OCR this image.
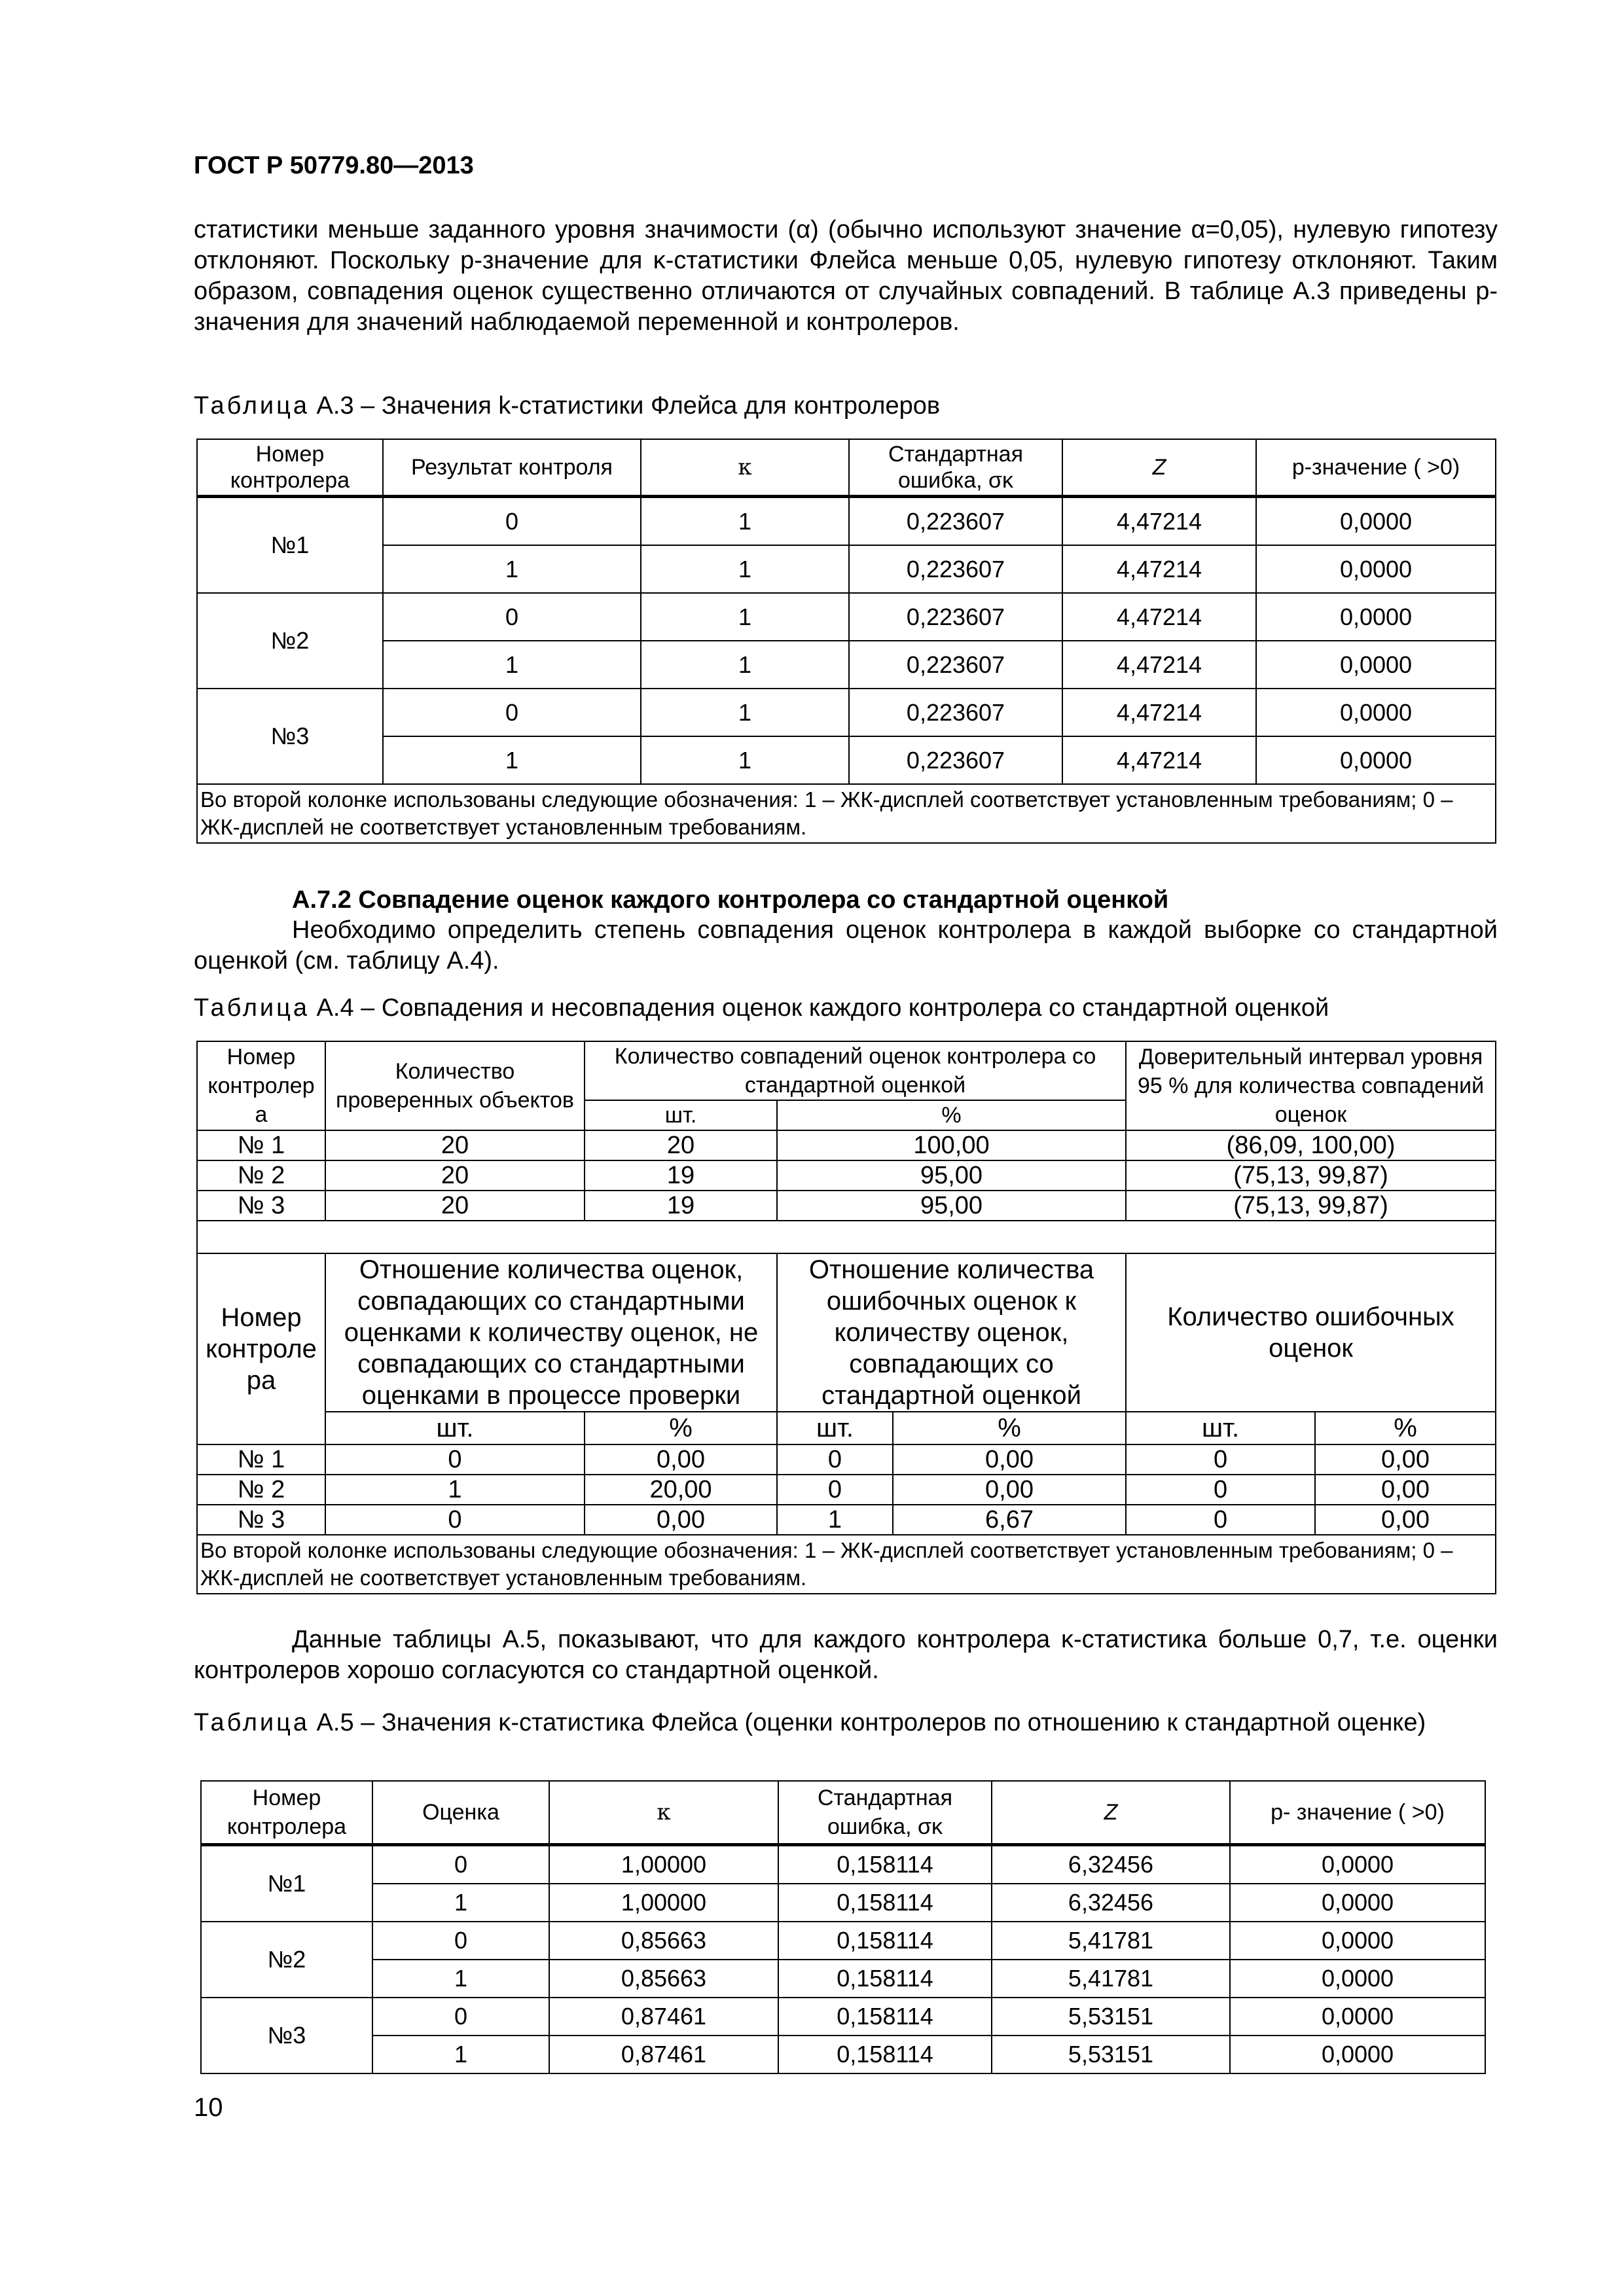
ГОСТ Р 50779.80—2013
статистики меньше заданного уровня значимости (α) (обычно используют значение α=0,05), нулевую гипотезу отклоняют. Поскольку p-значение для κ-статистики Флейса меньше 0,05, нулевую гипотезу отклоняют. Таким образом, совпадения оценок существенно отличаются от случайных совпадений. В таблице А.3 приведены p-значения для значений наблюдаемой переменной и контролеров.
Таблица А.3 – Значения k-статистики Флейса для контролеров
Номер контролера	Результат контроля	κ	Стандартная ошибка, σκ	Z	p-значение ( >0)
№1	0	1	0,223607	4,47214	0,0000
	1	1	0,223607	4,47214	0,0000
№2	0	1	0,223607	4,47214	0,0000
	1	1	0,223607	4,47214	0,0000
№3	0	1	0,223607	4,47214	0,0000
	1	1	0,223607	4,47214	0,0000
Во второй колонке использованы следующие обозначения: 1 – ЖК-дисплей соответствует установленным требованиям; 0 – ЖК-дисплей не соответствует установленным требованиям.					
А.7.2 Совпадение оценок каждого контролера со стандартной оценкой
Необходимо определить степень совпадения оценок контролера в каждой выборке со стандартной оценкой (см. таблицу А.4).
Таблица А.4 – Совпадения и несовпадения оценок каждого контролера со стандартной оценкой
Номер контролер а	Количество проверенных объектов	Количество совпадений оценок контролера со стандартной оценкой			Доверительный интервал уровня 95 % для количества совпадений оценок	
		шт.	%			
№ 1	20	20	100,00		(86,09, 100,00)	
№ 2	20	19	95,00		(75,13, 99,87)	
№ 3	20	19	95,00		(75,13, 99,87)	

Номер контроле ра	Отношение количества оценок, совпадающих со стандартными оценками к количеству оценок, не совпадающих со стандартными оценками в процессе проверки		Отношение количества ошибочных оценок к количеству оценок, совпадающих со стандартной оценкой		Количество ошибочных оценок	
	шт.	%	шт.	%	шт.	%
№ 1	0	0,00	0	0,00	0	0,00
№ 2	1	20,00	0	0,00	0	0,00
№ 3	0	0,00	1	6,67	0	0,00
Во второй колонке использованы следующие обозначения: 1 – ЖК-дисплей соответствует установленным требованиям; 0 – ЖК-дисплей не соответствует установленным требованиям.						
Данные таблицы А.5, показывают, что для каждого контролера κ-статистика больше 0,7, т.е. оценки контролеров хорошо согласуются со стандартной оценкой.
Таблица А.5 – Значения κ-статистика Флейса (оценки контролеров по отношению к стандартной оценке)
Номер контролера	Оценка	κ	Стандартная ошибка, σκ	Z	p- значение ( >0)
№1	0	1,00000	0,158114	6,32456	0,0000
	1	1,00000	0,158114	6,32456	0,0000
№2	0	0,85663	0,158114	5,41781	0,0000
	1	0,85663	0,158114	5,41781	0,0000
№3	0	0,87461	0,158114	5,53151	0,0000
	1	0,87461	0,158114	5,53151	0,0000
10
